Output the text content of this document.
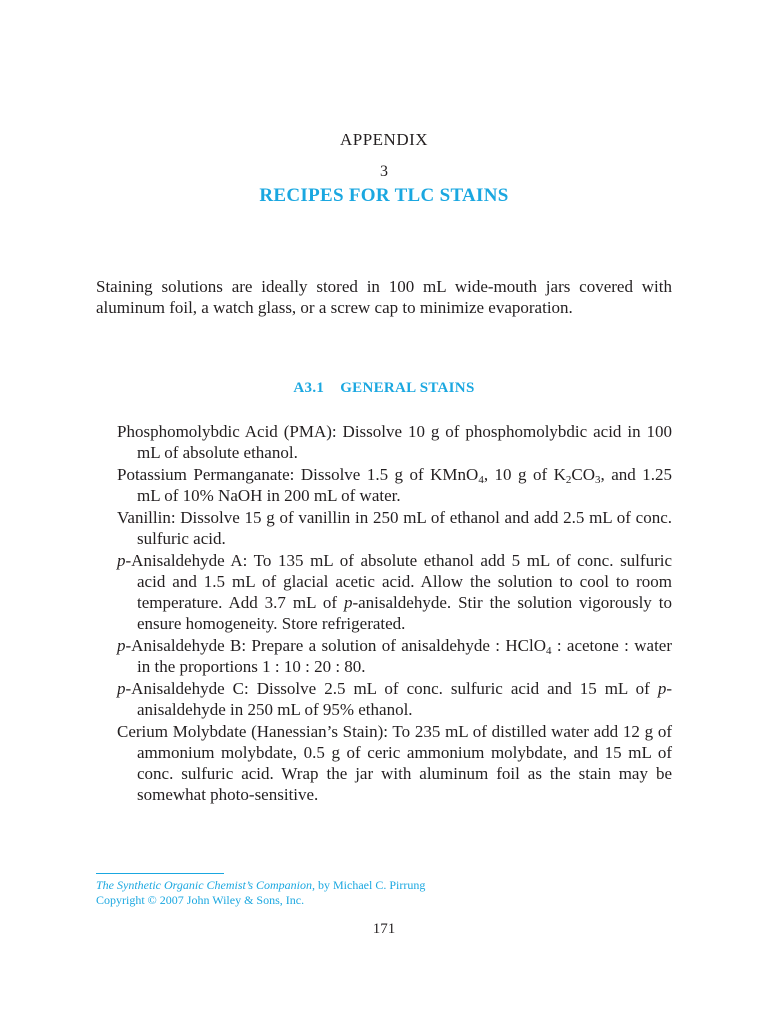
APPENDIX
3
RECIPES FOR TLC STAINS

Staining solutions are ideally stored in 100 mL wide-mouth jars covered with aluminum foil, a watch glass, or a screw cap to minimize evaporation.

A3.1 GENERAL STAINS
Phosphomolybdic Acid (PMA): Dissolve 10 g of phosphomolybdic acid in 100 mL of absolute ethanol.
Potassium Permanganate: Dissolve 1.5 g of KMnO$_4$, 10 g of $K_2CO_3$, and 1.25 mL of 10% NaOH in 200 mL of water.
Vanillin: Dissolve 15 g of vanillin in 250 mL of ethanol and add 2.5 mL of conc. sulfuric acid.
p-Anisaldehyde A: To 135 mL of absolute ethanol add 5 mL of conc. sulfuric acid and 1.5 mL of glacial acetic acid. Allow the solution to cool to room temperature. Add 3.7 mL of p-anisaldehyde. Stir the solution vigorously to ensure homogeneity. Store refrigerated.
p-Anisaldehyde B: Prepare a solution of anisaldehyde : HClO$_4$ : acetone : water in the proportions 1 : 10 : 20 : 80.
p-Anisaldehyde C: Dissolve 2.5 mL of conc. sulfuric acid and 15 mL of p-anisaldehyde in 250 mL of 95% ethanol.
Cerium Molybdate (Hanessian’s Stain): To 235 mL of distilled water add 12 g of ammonium molybdate, 0.5 g of ceric ammonium molybdate, and 15 mL of conc. sulfuric acid. Wrap the jar with aluminum foil as the stain may be somewhat photo-sensitive.
The Synthetic Organic Chemist’s Companion, by Michael C. Pirrung
Copyright © 2007 John Wiley & Sons, Inc.
171
